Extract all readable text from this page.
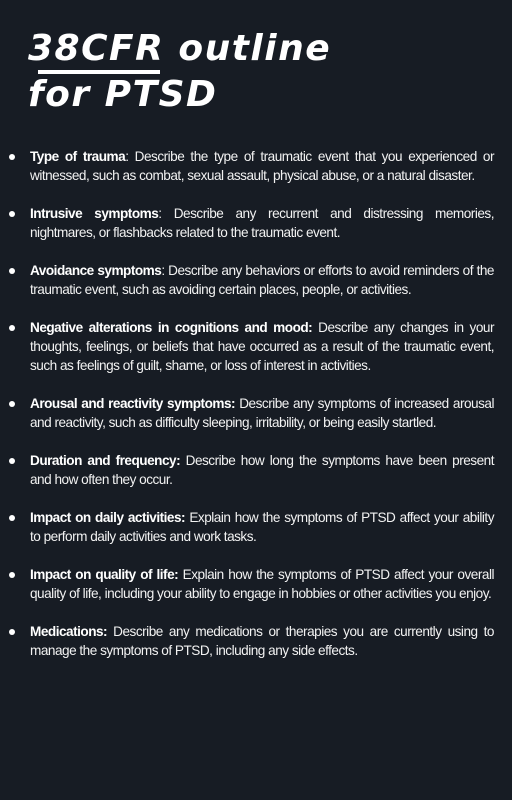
38CFR outline
for PTSD
Type of trauma: Describe the type of traumatic event that you experienced or witnessed, such as combat, sexual assault, physical abuse, or a natural disaster.
Intrusive symptoms: Describe any recurrent and distressing memories, nightmares, or flashbacks related to the traumatic event.
Avoidance symptoms: Describe any behaviors or efforts to avoid reminders of the traumatic event, such as avoiding certain places, people, or activities.
Negative alterations in cognitions and mood: Describe any changes in your thoughts, feelings, or beliefs that have occurred as a result of the traumatic event, such as feelings of guilt, shame, or loss of interest in activities.
Arousal and reactivity symptoms: Describe any symptoms of increased arousal and reactivity, such as difficulty sleeping, irritability, or being easily startled.
Duration and frequency: Describe how long the symptoms have been present and how often they occur.
Impact on daily activities: Explain how the symptoms of PTSD affect your ability to perform daily activities and work tasks.
Impact on quality of life: Explain how the symptoms of PTSD affect your overall quality of life, including your ability to engage in hobbies or other activities you enjoy.
Medications: Describe any medications or therapies you are currently using to manage the symptoms of PTSD, including any side effects.
